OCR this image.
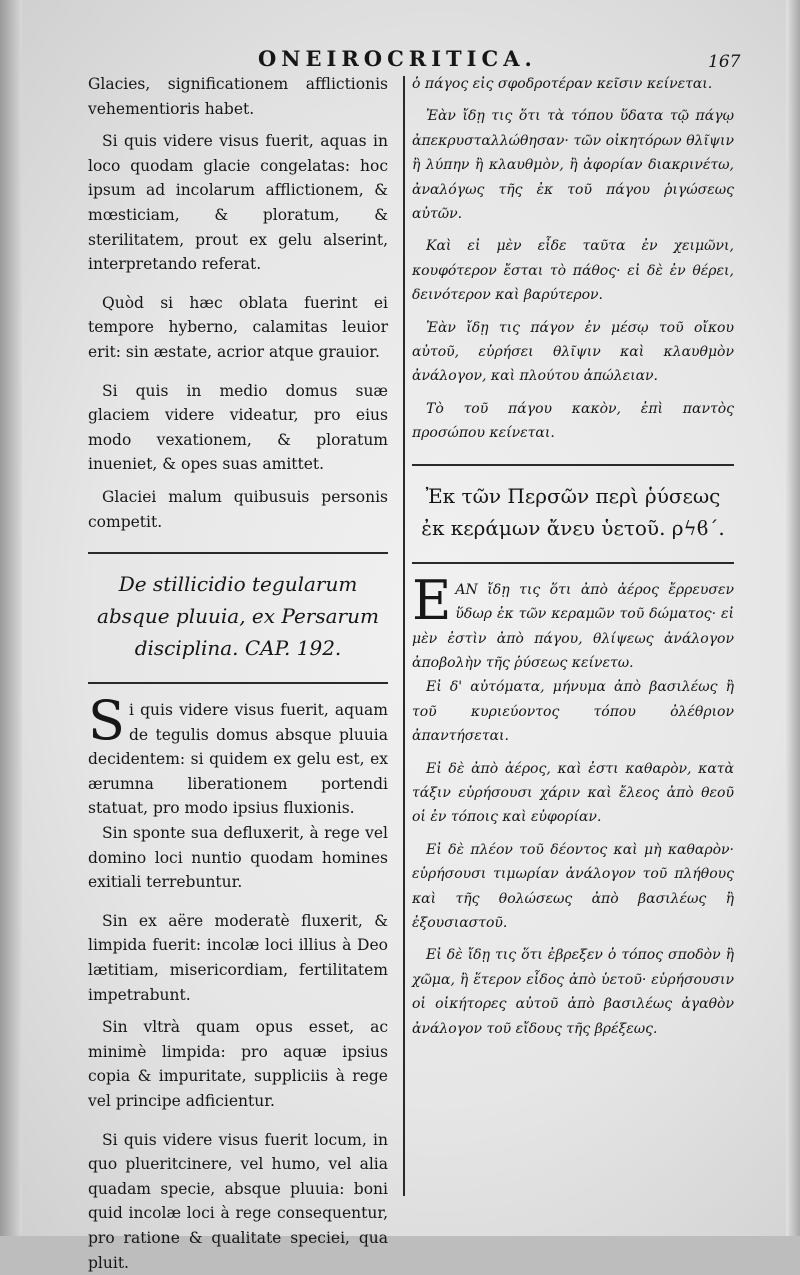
ONEIROCRITICA.	167

Glacies, significationem afflictionis vehementioris habet.

Si quis videre visus fuerit, aquas in loco quodam glacie congelatas: hoc ipsum ad incolarum afflictionem, & mœsticiam, & ploratum, & sterilitatem, prout ex gelu alserint, interpretando referat.

Quòd si hæc oblata fuerint ei tempore hyberno, calamitas leuior erit: sin æstate, acrior atque grauior.

Si quis in medio domus suæ glaciem videre videatur, pro eius modo vexationem, & ploratum inueniet, & opes suas amittet.

Glaciei malum quibusuis personis competit.

De stillicidio tegularum absque pluuia, ex Persarum disciplina. CAP. 192.

Si quis videre visus fuerit, aquam de tegulis domus absque pluuia decidentem: si quidem ex gelu est, ex ærumna liberationem portendi statuat, pro modo ipsius fluxionis.

Sin sponte sua defluxerit, à rege vel domino loci nuntio quodam homines exitiali terrebuntur.

Sin ex aëre moderatè fluxerit, & limpida fuerit: incolæ loci illius à Deo lætitiam, misericordiam, fertilitatem impetrabunt.

Sin vltrà quam opus esset, ac minimè limpida: pro aquæ ipsius copia & impuritate, suppliciis à rege vel principe adficientur.

Si quis videre visus fuerit locum, in quo plueritcinere, vel humo, vel alia quadam specie, absque pluuia: boni quid incolæ loci à rege consequentur, pro ratione & qualitate speciei, qua pluit.

ὁ πάγος εἰς σφοδροτέραν κεῖσιν κείνεται.

Ἐὰν ἴδῃ τις ὅτι τὰ τόπου ὕδατα τῷ πάγῳ ἀπεκρυσταλλώθησαν· τῶν οἰκητόρων θλῖψιν ἢ λύπην ἢ κλαυθμὸν, ἢ ἀφορίαν διακρινέτω, ἀναλόγως τῆς ἐκ τοῦ πάγου ῥιγώσεως αὐτῶν.

Καὶ εἰ μὲν εἶδε ταῦτα ἐν χειμῶνι, κουφότερον ἔσται τὸ πάθος· εἰ δὲ ἐν θέρει, δεινότερον καὶ βαρύτερον.

Ἐὰν ἴδῃ τις πάγον ἐν μέσῳ τοῦ οἴκου αὐτοῦ, εὑρήσει θλῖψιν καὶ κλαυθμὸν ἀνάλογον, καὶ πλούτου ἀπώλειαν.

Τὸ τοῦ πάγου κακὸν, ἐπὶ παντὸς προσώπου κείνεται.

Ἐκ τῶν Περσῶν περὶ ῥύσεως ἐκ κεράμων ἄνευ ὑετοῦ. ρϟϐ΄.

ΕΑΝ ἴδῃ τις ὅτι ἀπὸ ἀέρος ἔρρευσεν ὕδωρ ἐκ τῶν κεραμῶν τοῦ δώματος· εἰ μὲν ἐστὶν ἀπὸ πάγου, θλίψεως ἀνάλογον ἀποβολὴν τῆς ῥύσεως κείνετω.

Εἰ δ' αὐτόματα, μήνυμα ἀπὸ βασιλέως ἢ τοῦ κυριεύοντος τόπου ὀλέθριον ἀπαντήσεται.

Εἰ δὲ ἀπὸ ἀέρος, καὶ ἐστι καθαρὸν, κατὰ τάξιν εὑρήσουσι χάριν καὶ ἔλεος ἀπὸ θεοῦ οἱ ἐν τόποις καὶ εὐφορίαν.

Εἰ δὲ πλέον τοῦ δέοντος καὶ μὴ καθαρὸν· εὑρήσουσι τιμωρίαν ἀνάλογον τοῦ πλήθους καὶ τῆς θολώσεως ἀπὸ βασιλέως ἢ ἐξουσιαστοῦ.

Εἰ δὲ ἴδῃ τις ὅτι ἐβρεξεν ὁ τόπος σποδὸν ἢ χῶμα, ἢ ἕτερον εἶδος ἀπὸ ὑετοῦ· εὑρήσουσιν οἱ οἰκήτορες αὐτοῦ ἀπὸ βασιλέως ἀγαθὸν ἀνάλογον τοῦ εἴδους τῆς βρέξεως.
